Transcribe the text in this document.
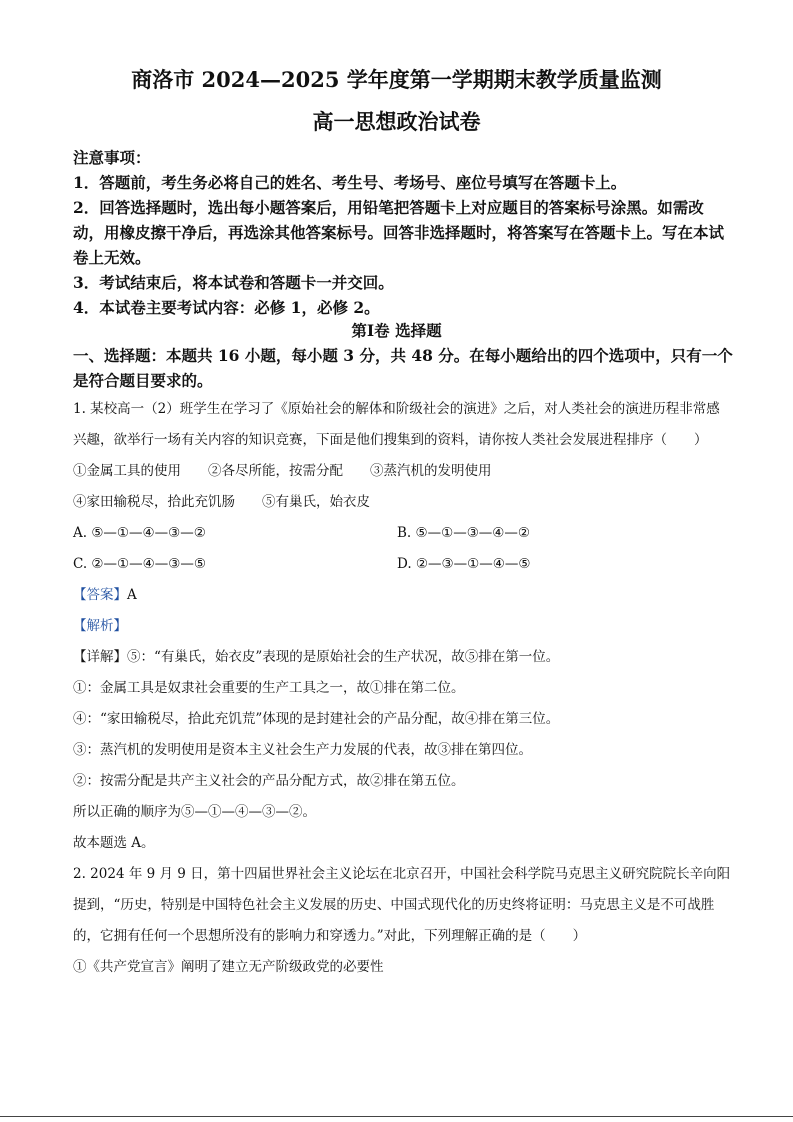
商洛市 2024—2025 学年度第一学期期末教学质量监测
高一思想政治试卷

注意事项：

1．答题前，考生务必将自己的姓名、考生号、考场号、座位号填写在答题卡上。

2．回答选择题时，选出每小题答案后，用铅笔把答题卡上对应题目的答案标号涂黑。如需改动，用橡皮擦干净后，再选涂其他答案标号。回答非选择题时，将答案写在答题卡上。写在本试卷上无效。

3．考试结束后，将本试卷和答题卡一并交回。

4．本试卷主要考试内容：必修 1，必修 2。

第Ⅰ卷 选择题
一、选择题：本题共 16 小题，每小题 3 分，共 48 分。在每小题给出的四个选项中，只有一个是符合题目要求的。

1. 某校高一（2）班学生在学习了《原始社会的解体和阶级社会的演进》之后，对人类社会的演进历程非常感兴趣，欲举行一场有关内容的知识竞赛，下面是他们搜集到的资料，请你按人类社会发展进程排序（　　）

①金属工具的使用　　②各尽所能，按需分配　　③蒸汽机的发明使用

④家田输税尽，拾此充饥肠　　⑤有巢氏，始衣皮

A. ⑤—①—④—③—②	B. ⑤—①—③—④—②

C. ②—①—④—③—⑤	D. ②—③—①—④—⑤

【答案】A

【解析】

【详解】⑤：“有巢氏，始衣皮”表现的是原始社会的生产状况，故⑤排在第一位。

①：金属工具是奴隶社会重要的生产工具之一，故①排在第二位。

④：“家田输税尽，拾此充饥荒”体现的是封建社会的产品分配，故④排在第三位。

③：蒸汽机的发明使用是资本主义社会生产力发展的代表，故③排在第四位。

②：按需分配是共产主义社会的产品分配方式，故②排在第五位。

所以正确的顺序为⑤—①—④—③—②。

故本题选 A。

2. 2024 年 9 月 9 日，第十四届世界社会主义论坛在北京召开，中国社会科学院马克思主义研究院院长辛向阳提到，“历史，特别是中国特色社会主义发展的历史、中国式现代化的历史终将证明：马克思主义是不可战胜的，它拥有任何一个思想所没有的影响力和穿透力。”对此，下列理解正确的是（　　）

①《共产党宣言》阐明了建立无产阶级政党的必要性
